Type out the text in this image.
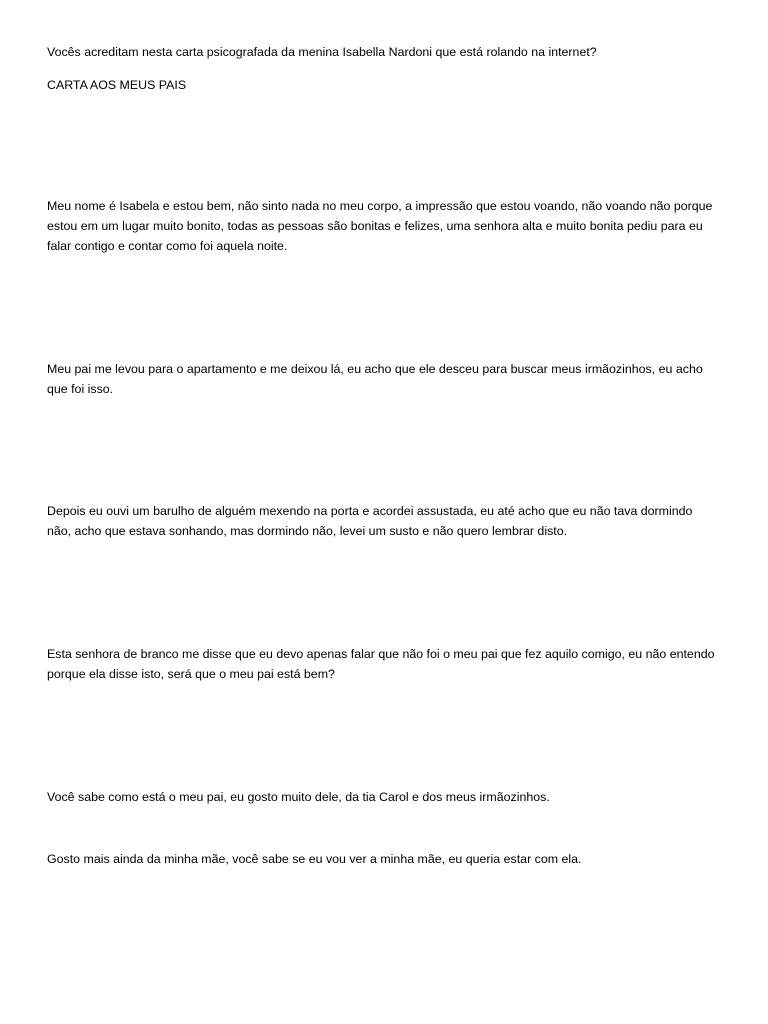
Vocês acreditam nesta carta psicografada da menina Isabella Nardoni que está rolando na internet?

CARTA AOS MEUS PAIS

Meu nome é Isabela e estou bem, não sinto nada no meu corpo, a impressão que estou voando, não voando não porque estou em um lugar muito bonito, todas as pessoas são bonitas e felizes, uma senhora alta e muito bonita pediu para eu falar contigo e contar como foi aquela noite.

Meu pai me levou para o apartamento e me deixou lá, eu acho que ele desceu para buscar meus irmãozinhos, eu acho que foi isso.

Depois eu ouvi um barulho de alguém mexendo na porta e acordei assustada, eu até acho que eu não tava dormindo não, acho que estava sonhando, mas dormindo não, levei um susto e não quero lembrar disto.

Esta senhora de branco me disse que eu devo apenas falar que não foi o meu pai que fez aquilo comigo, eu não entendo porque ela disse isto, será que o meu pai está bem?

Você sabe como está o meu pai, eu gosto muito dele, da tia Carol e dos meus irmãozinhos.

Gosto mais ainda da minha mãe, você sabe se eu vou ver a minha mãe, eu queria estar com ela.
